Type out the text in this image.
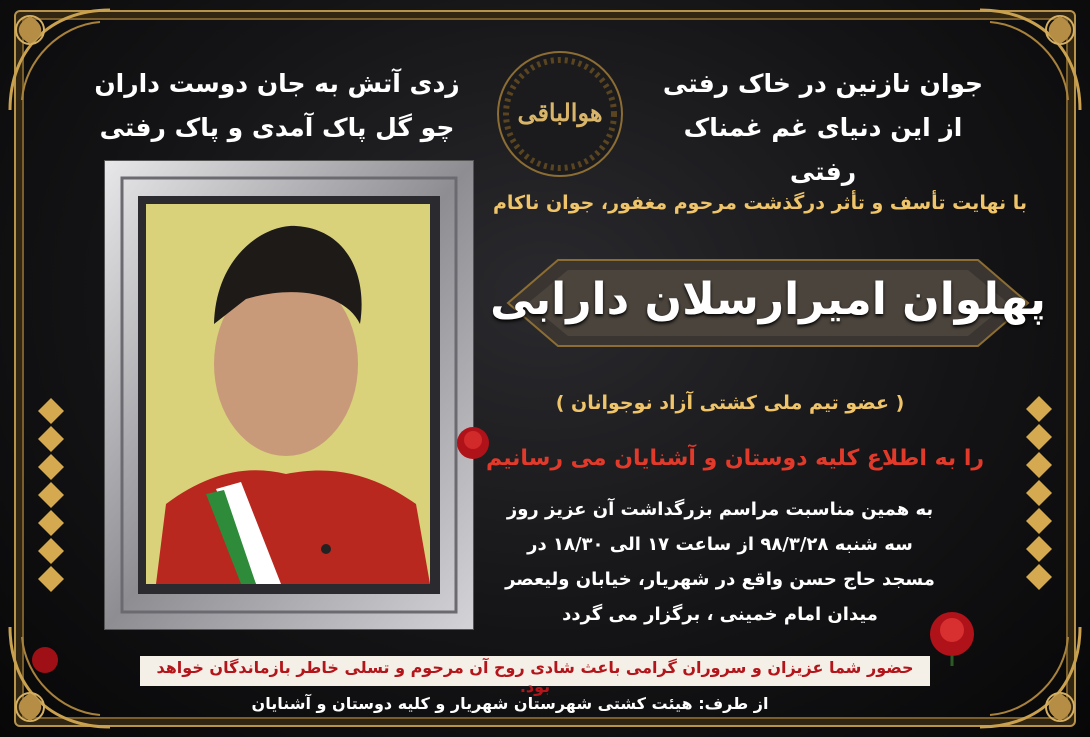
جوان نازنین در خاک رفتی
از این دنیای غم غمناک رفتی
زدی آتش به جان دوست داران
چو گل پاک آمدی و پاک رفتی
هوالباقی
با نهایت تأسف و تأثر درگذشت مرحوم مغفور، جوان ناکام
پهلوان امیرارسلان دارابی
( عضو تیم ملی کشتی آزاد نوجوانان )
را به اطلاع کلیه دوستان و آشنایان می رسانیم
به همین مناسبت مراسم بزرگداشت آن عزیز روز
سه شنبه ۹۸/۳/۲۸ از ساعت ۱۷ الی ۱۸/۳۰ در
مسجد حاج حسن واقع در شهریار، خیابان ولیعصر
میدان امام خمینی ، برگزار می گردد
حضور شما عزیزان و سروران گرامی باعث شادی روح آن مرحوم و تسلی خاطر بازماندگان خواهد بود.
از طرف: هیئت کشتی شهرستان شهریار و کلیه دوستان و آشنایان
